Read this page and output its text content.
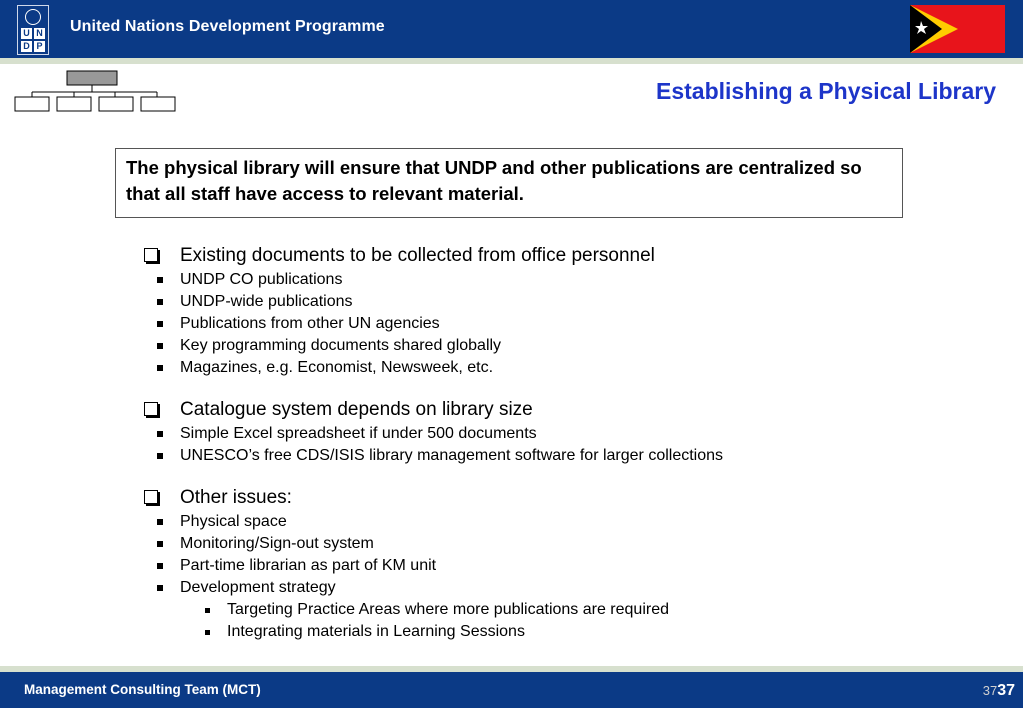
U N
D P
United Nations Development Programme
Establishing a Physical Library
The physical library will ensure that UNDP and other publications are centralized so that all staff have access to relevant material.
Existing documents to be collected from office personnel
UNDP CO publications
UNDP-wide publications
Publications from other UN agencies
Key programming documents shared globally
Magazines, e.g. Economist, Newsweek, etc.
Catalogue system depends on library size
Simple Excel spreadsheet if under 500 documents
UNESCO’s free CDS/ISIS library management software for larger collections
Other issues:
Physical space
Monitoring/Sign-out system
Part-time librarian as part of KM unit
Development strategy
Targeting Practice Areas where more publications are required
Integrating materials in Learning Sessions
Management Consulting Team (MCT)	3737
